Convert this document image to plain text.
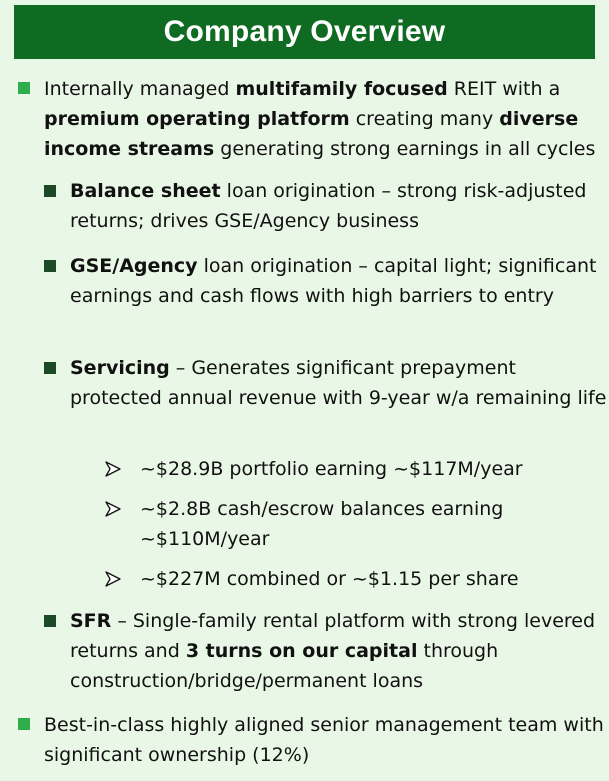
Company Overview
Internally managed multifamily focused REIT with a premium operating platform creating many diverse income streams generating strong earnings in all cycles
Balance sheet loan origination – strong risk-adjusted returns; drives GSE/Agency business
GSE/Agency loan origination – capital light; significant earnings and cash flows with high barriers to entry
Servicing – Generates significant prepayment protected annual revenue with 9-year w/a remaining life
~$28.9B portfolio earning ~$117M/year
~$2.8B cash/escrow balances earning ~$110M/year
~$227M combined or ~$1.15 per share
SFR – Single-family rental platform with strong levered returns and 3 turns on our capital through construction/bridge/permanent loans
Best-in-class highly aligned senior management team with significant ownership (12%)
